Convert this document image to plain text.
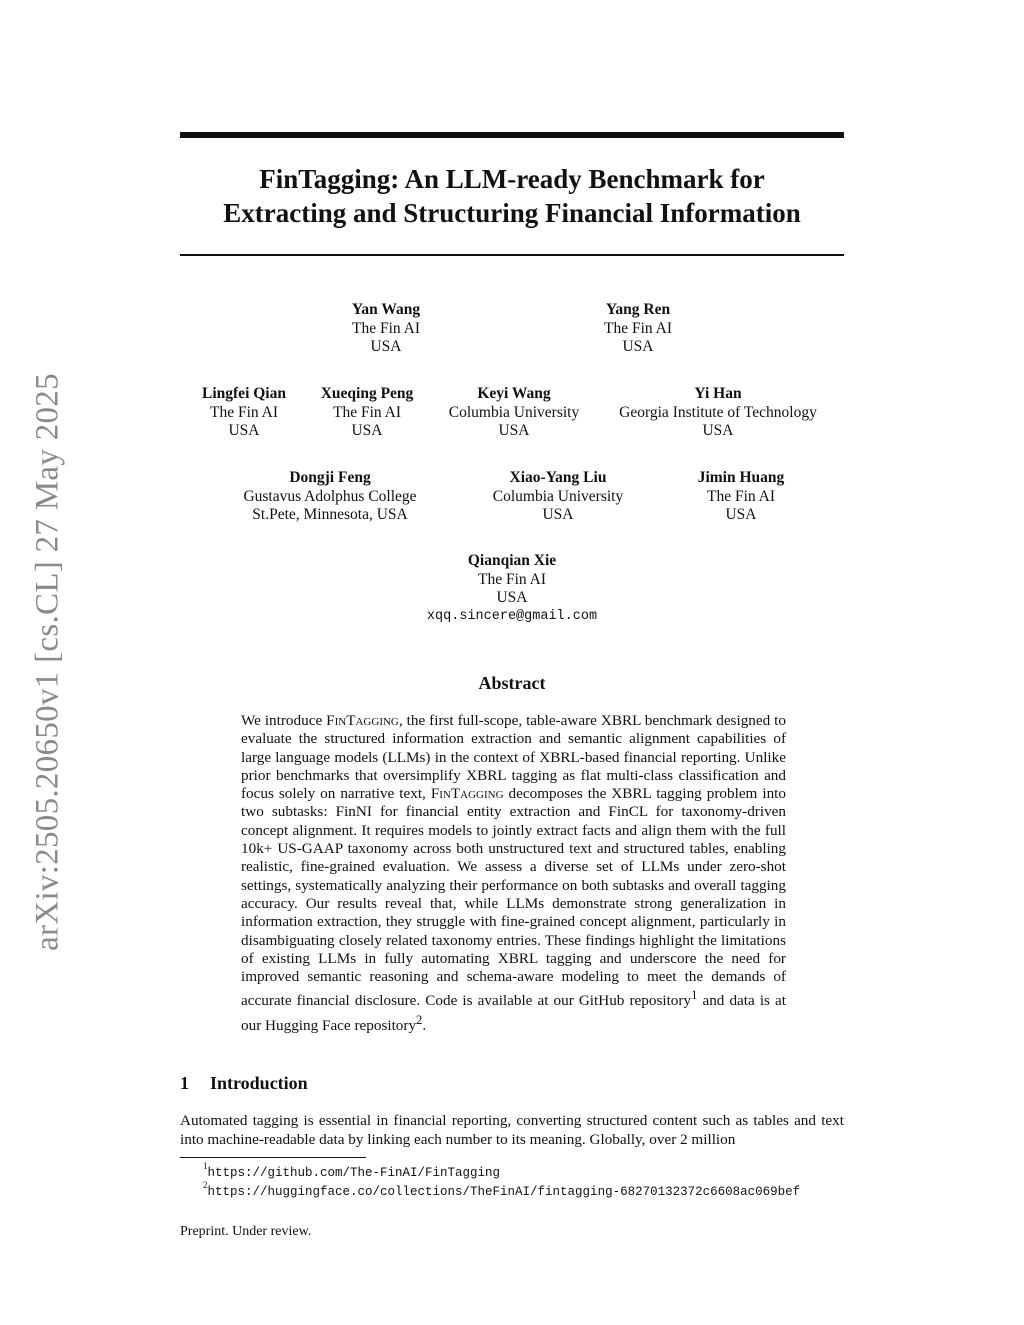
arXiv:2505.20650v1 [cs.CL] 27 May 2025
FinTagging: An LLM-ready Benchmark for
Extracting and Structuring Financial Information
Yan Wang
The Fin AI
USA
Yang Ren
The Fin AI
USA
Lingfei Qian
The Fin AI
USA
Xueqing Peng
The Fin AI
USA
Keyi Wang
Columbia University
USA
Yi Han
Georgia Institute of Technology
USA
Dongji Feng
Gustavus Adolphus College
St.Pete, Minnesota, USA
Xiao-Yang Liu
Columbia University
USA
Jimin Huang
The Fin AI
USA
Qianqian Xie
The Fin AI
USA
xqq.sincere@gmail.com
Abstract
We introduce FinTagging, the first full-scope, table-aware XBRL benchmark designed to evaluate the structured information extraction and semantic alignment capabilities of large language models (LLMs) in the context of XBRL-based financial reporting. Unlike prior benchmarks that oversimplify XBRL tagging as flat multi-class classification and focus solely on narrative text, FinTagging decomposes the XBRL tagging problem into two subtasks: FinNI for financial entity extraction and FinCL for taxonomy-driven concept alignment. It requires models to jointly extract facts and align them with the full 10k+ US-GAAP taxonomy across both unstructured text and structured tables, enabling realistic, fine-grained evaluation. We assess a diverse set of LLMs under zero-shot settings, systematically analyzing their performance on both subtasks and overall tagging accuracy. Our results reveal that, while LLMs demonstrate strong generalization in information extraction, they struggle with fine-grained concept alignment, particularly in disambiguating closely related taxonomy entries. These findings highlight the limitations of existing LLMs in fully automating XBRL tagging and underscore the need for improved semantic reasoning and schema-aware modeling to meet the demands of accurate financial disclosure. Code is available at our GitHub repository$^1$ and data is at our Hugging Face repository$^2$.
1 Introduction
Automated tagging is essential in financial reporting, converting structured content such as tables and text into machine-readable data by linking each number to its meaning. Globally, over 2 million
$^1$https://github.com/The-FinAI/FinTagging
$^2$https://huggingface.co/collections/TheFinAI/fintagging-68270132372c6608ac069bef
Preprint. Under review.
